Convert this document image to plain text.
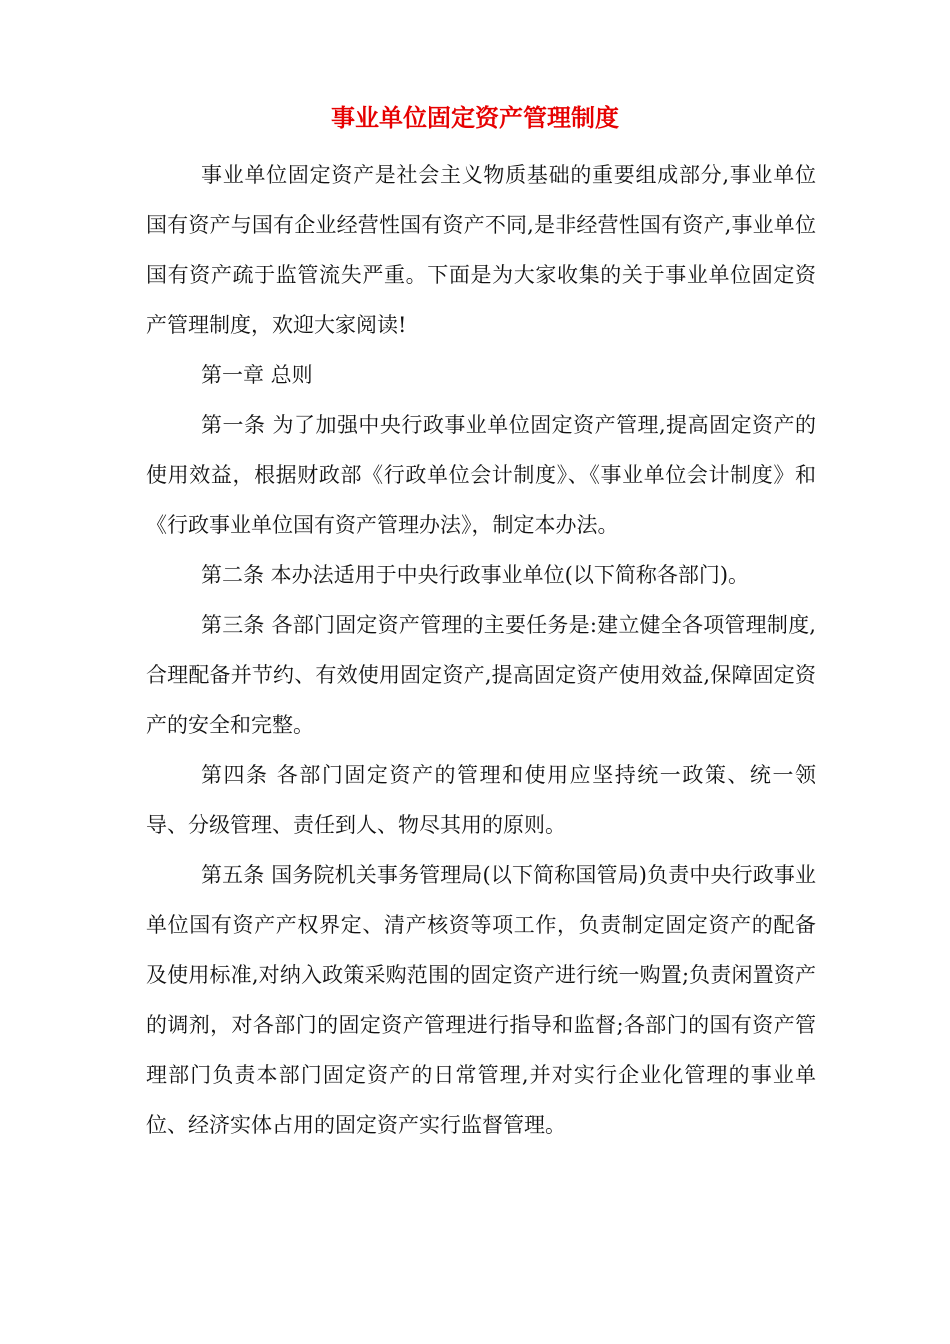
事业单位固定资产管理制度

事业单位固定资产是社会主义物质基础的重要组成部分,事业单位国有资产与国有企业经营性国有资产不同,是非经营性国有资产,事业单位国有资产疏于监管流失严重。下面是为大家收集的关于事业单位固定资产管理制度，欢迎大家阅读!

第一章 总则

第一条 为了加强中央行政事业单位固定资产管理,提高固定资产的使用效益，根据财政部《行政单位会计制度》、《事业单位会计制度》和《行政事业单位国有资产管理办法》，制定本办法。

第二条 本办法适用于中央行政事业单位(以下简称各部门)。

第三条 各部门固定资产管理的主要任务是:建立健全各项管理制度,合理配备并节约、有效使用固定资产,提高固定资产使用效益,保障固定资产的安全和完整。

第四条 各部门固定资产的管理和使用应坚持统一政策、统一领导、分级管理、责任到人、物尽其用的原则。

第五条 国务院机关事务管理局(以下简称国管局)负责中央行政事业单位国有资产产权界定、清产核资等项工作，负责制定固定资产的配备及使用标准,对纳入政策采购范围的固定资产进行统一购置;负责闲置资产的调剂，对各部门的固定资产管理进行指导和监督;各部门的国有资产管理部门负责本部门固定资产的日常管理,并对实行企业化管理的事业单位、经济实体占用的固定资产实行监督管理。
